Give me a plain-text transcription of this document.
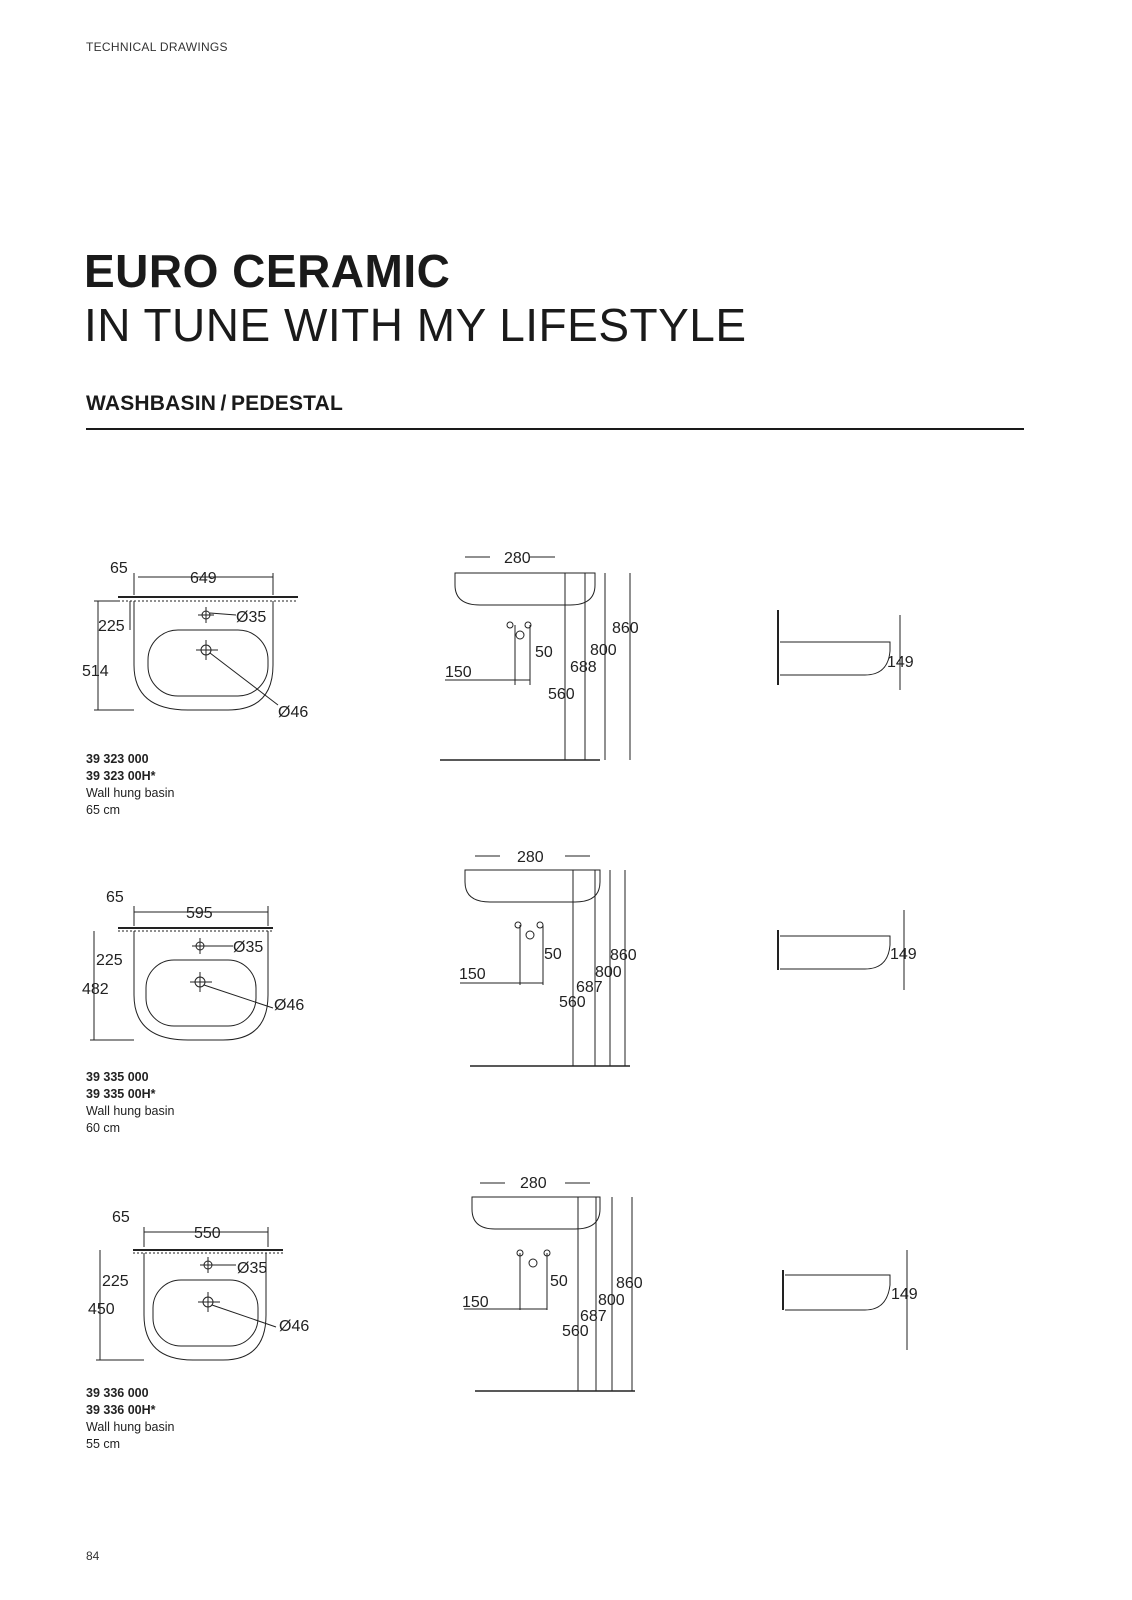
TECHNICAL DRAWINGS
EURO CERAMIC
IN TUNE WITH MY LIFESTYLE
WASHBASIN / PEDESTAL
65
649
Ø35
225
514
Ø46
280
860
800
688
560
50
150
149
39 323 000
39 323 00H*
Wall hung basin
65 cm
65
595
Ø35
225
482
Ø46
280
860
800
687
560
50
150
149
39 335 000
39 335 00H*
Wall hung basin
60 cm
65
550
Ø35
225
450
Ø46
280
860
800
687
560
50
150	149
39 336 000
39 336 00H*
Wall hung basin
55 cm
84
